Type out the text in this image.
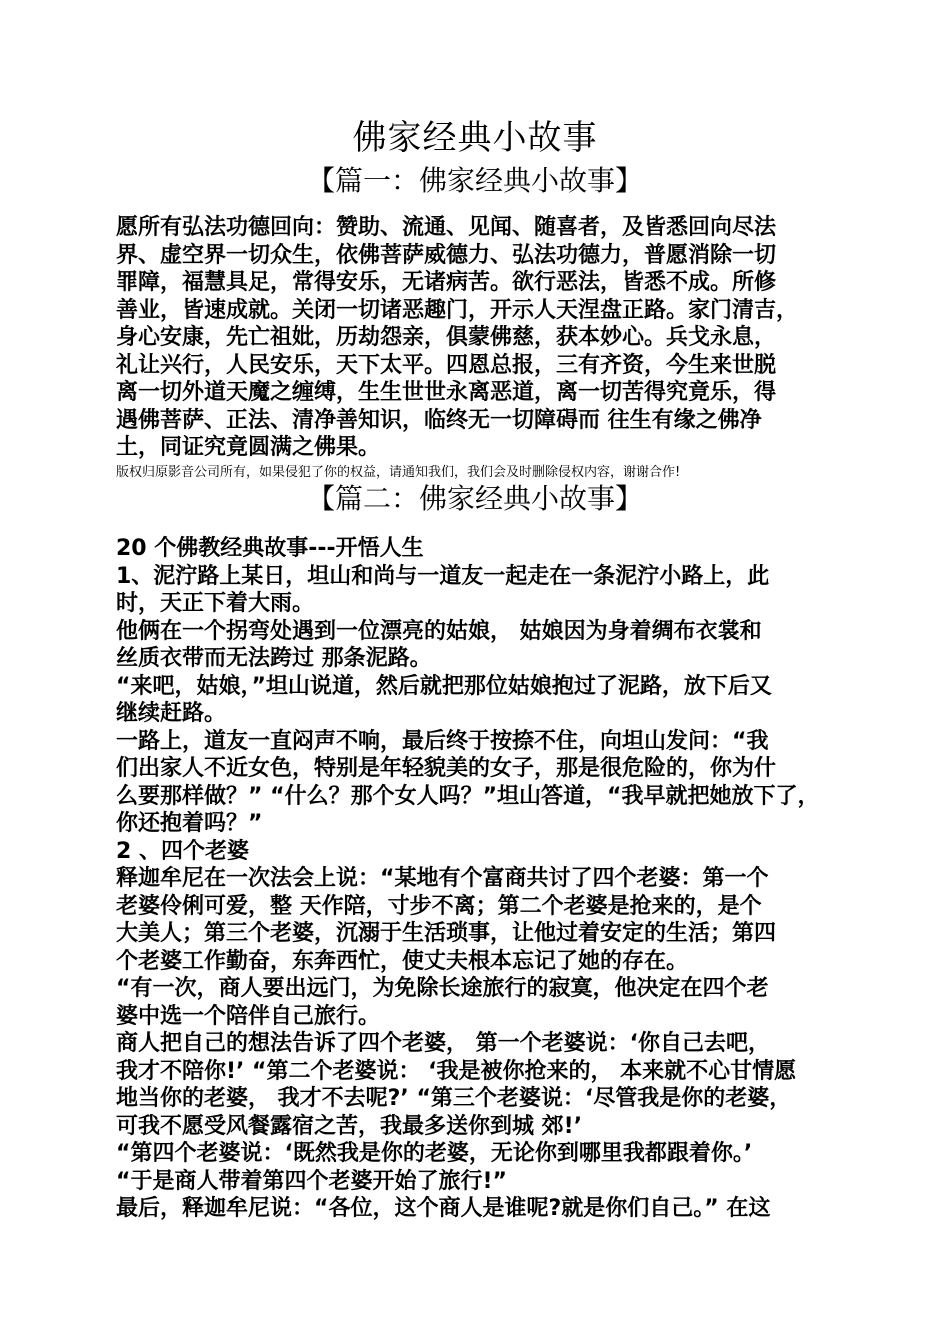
佛家经典小故事
【篇一：佛家经典小故事】
愿所有弘法功德回向：赞助、流通、见闻、随喜者，及皆悉回向尽法
界、虚空界一切众生，依佛菩萨威德力、弘法功德力，普愿消除一切
罪障，福慧具足，常得安乐，无诸病苦。欲行恶法，皆悉不成。所修
善业，皆速成就。关闭一切诸恶趣门，开示人天涅盘正路。家门清吉，
身心安康，先亡祖妣，历劫怨亲，俱蒙佛慈，获本妙心。兵戈永息，
礼让兴行，人民安乐，天下太平。四恩总报，三有齐资，今生来世脱
离一切外道天魔之缠缚，生生世世永离恶道，离一切苦得究竟乐，得
遇佛菩萨、正法、清净善知识，临终无一切障碍而 往生有缘之佛净
土，同证究竟圆满之佛果。
版权归原影音公司所有，如果侵犯了你的权益，请通知我们，我们会及时删除侵权内容，谢谢合作!
【篇二：佛家经典小故事】
20 个佛教经典故事---开悟人生
1、泥泞路上某日，坦山和尚与一道友一起走在一条泥泞小路上，此
时，天正下着大雨。
他俩在一个拐弯处遇到一位漂亮的姑娘， 姑娘因为身着绸布衣裳和
丝质衣带而无法跨过 那条泥路。
“来吧，姑娘，”坦山说道，然后就把那位姑娘抱过了泥路，放下后又
继续赶路。
一路上，道友一直闷声不响，最后终于按捺不住，向坦山发问：“我
们出家人不近女色，特别是年轻貌美的女子，那是很危险的，你为什
么要那样做？” “什么？那个女人吗？”坦山答道，“我早就把她放下了，
你还抱着吗？”
2 、四个老婆
释迦牟尼在一次法会上说：“某地有个富商共讨了四个老婆：第一个
老婆伶俐可爱，整 天作陪，寸步不离；第二个老婆是抢来的，是个
大美人；第三个老婆，沉溺于生活琐事，让他过着安定的生活；第四
个老婆工作勤奋，东奔西忙，使丈夫根本忘记了她的存在。
“有一次，商人要出远门，为免除长途旅行的寂寞，他决定在四个老
婆中选一个陪伴自己旅行。
商人把自己的想法告诉了四个老婆， 第一个老婆说：‘你自己去吧，
我才不陪你!’ “第二个老婆说： ‘我是被你抢来的， 本来就不心甘情愿
地当你的老婆， 我才不去呢?’ “第三个老婆说：‘尽管我是你的老婆，
可我不愿受风餐露宿之苦，我最多送你到城 郊!’
“第四个老婆说：‘既然我是你的老婆，无论你到哪里我都跟着你。’
“于是商人带着第四个老婆开始了旅行!”
最后，释迦牟尼说：“各位，这个商人是谁呢?就是你们自己。” 在这
